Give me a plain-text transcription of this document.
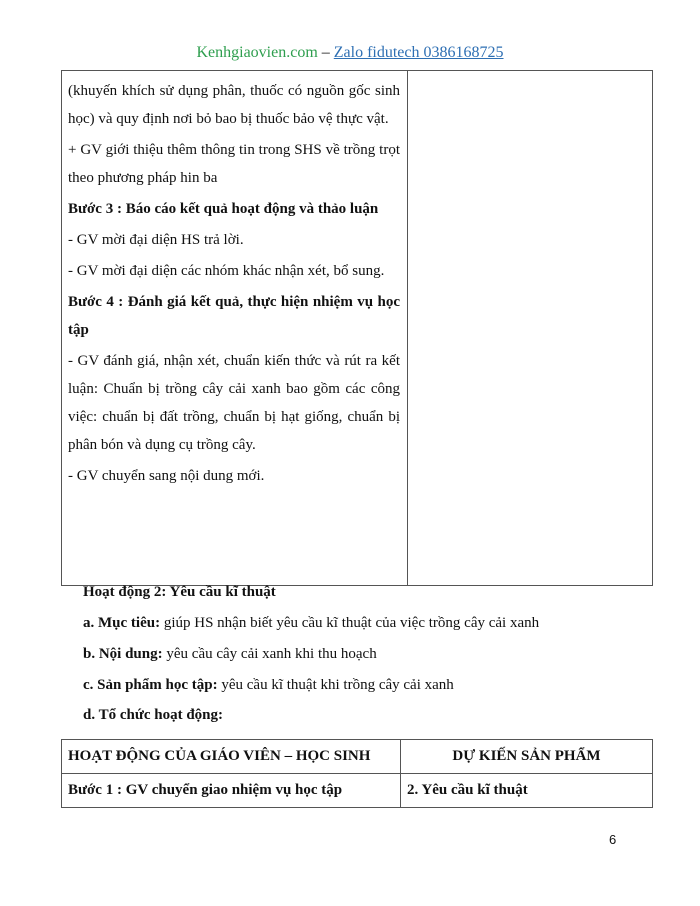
Kenhgiaovien.com – Zalo fidutech 0386168725

(khuyến khích sử dụng phân, thuốc có nguồn gốc sinh học) và quy định nơi bỏ bao bị thuốc bảo vệ thực vật.

+ GV giới thiệu thêm thông tin trong SHS về trồng trọt theo phương pháp hin ba

Bước 3 : Báo cáo kết quả hoạt động và thảo luận

- GV mời đại diện HS trả lời.

- GV mời đại diện các nhóm khác nhận xét, bổ sung.

Bước 4 : Đánh giá kết quả, thực hiện nhiệm vụ học tập

- GV đánh giá, nhận xét, chuẩn kiến thức và rút ra kết luận: Chuẩn bị trồng cây cải xanh bao gồm các công việc: chuẩn bị đất trồng, chuẩn bị hạt giống, chuẩn bị phân bón và dụng cụ trồng cây.

- GV chuyển sang nội dung mới.

Hoạt động 2: Yêu cầu kĩ thuật
a. Mục tiêu: giúp HS nhận biết yêu cầu kĩ thuật của việc trồng cây cải xanh
b. Nội dung: yêu cầu cây cải xanh khi thu hoạch
c. Sản phẩm học tập: yêu cầu kĩ thuật khi trồng cây cải xanh
d. Tổ chức hoạt động:
HOẠT ĐỘNG CỦA GIÁO VIÊN – HỌC SINH	DỰ KIẾN SẢN PHẨM
Bước 1 : GV chuyển giao nhiệm vụ học tập	2. Yêu cầu kĩ thuật
6
